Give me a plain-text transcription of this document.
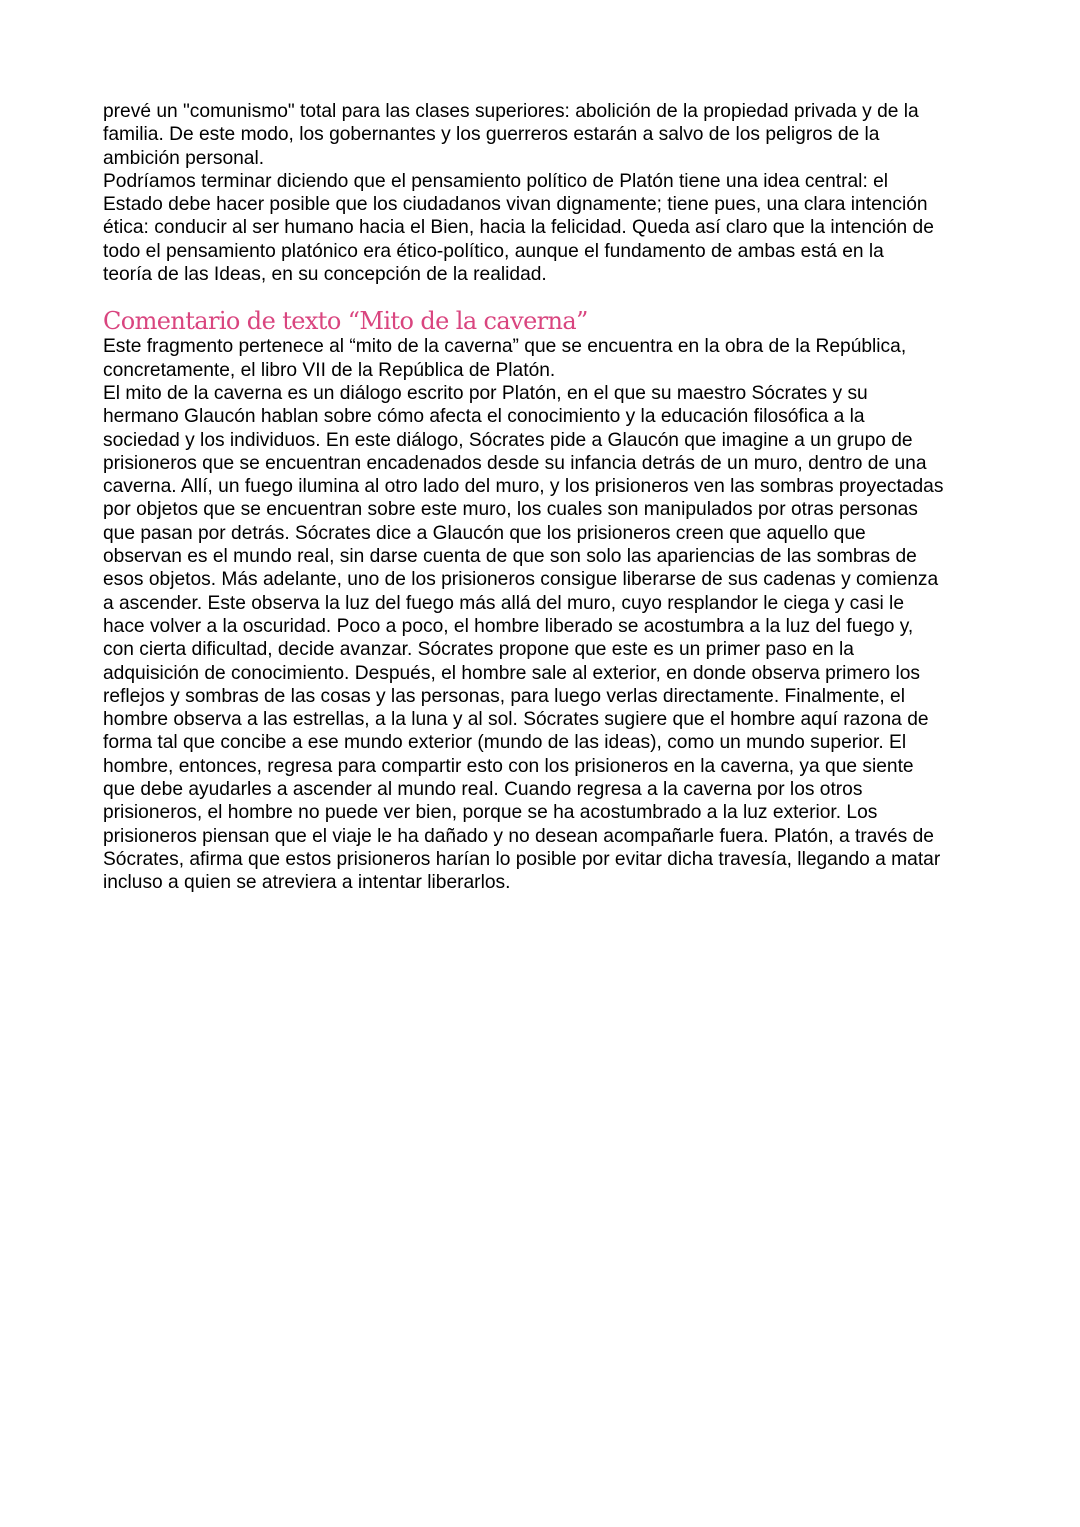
prevé un "comunismo" total para las clases superiores: abolición de la propiedad privada y de la
familia. De este modo, los gobernantes y los guerreros estarán a salvo de los peligros de la
ambición personal.

Podríamos terminar diciendo que el pensamiento político de Platón tiene una idea central: el
Estado debe hacer posible que los ciudadanos vivan dignamente; tiene pues, una clara intención
ética: conducir al ser humano hacia el Bien, hacia la felicidad. Queda así claro que la intención de
todo el pensamiento platónico era ético-político, aunque el fundamento de ambas está en la
teoría de las Ideas, en su concepción de la realidad.

Comentario de texto “Mito de la caverna”

Este fragmento pertenece al “mito de la caverna” que se encuentra en la obra de la República,
concretamente, el libro VII de la República de Platón.

El mito de la caverna es un diálogo escrito por Platón, en el que su maestro Sócrates y su
hermano Glaucón hablan sobre cómo afecta el conocimiento y la educación filosófica a la
sociedad y los individuos. En este diálogo, Sócrates pide a Glaucón que imagine a un grupo de
prisioneros que se encuentran encadenados desde su infancia detrás de un muro, dentro de una
caverna. Allí, un fuego ilumina al otro lado del muro, y los prisioneros ven las sombras proyectadas
por objetos que se encuentran sobre este muro, los cuales son manipulados por otras personas
que pasan por detrás. Sócrates dice a Glaucón que los prisioneros creen que aquello que
observan es el mundo real, sin darse cuenta de que son solo las apariencias de las sombras de
esos objetos. Más adelante, uno de los prisioneros consigue liberarse de sus cadenas y comienza
a ascender. Este observa la luz del fuego más allá del muro, cuyo resplandor le ciega y casi le
hace volver a la oscuridad. Poco a poco, el hombre liberado se acostumbra a la luz del fuego y,
con cierta dificultad, decide avanzar. Sócrates propone que este es un primer paso en la
adquisición de conocimiento. Después, el hombre sale al exterior, en donde observa primero los
reflejos y sombras de las cosas y las personas, para luego verlas directamente. Finalmente, el
hombre observa a las estrellas, a la luna y al sol. Sócrates sugiere que el hombre aquí razona de
forma tal que concibe a ese mundo exterior (mundo de las ideas), como un mundo superior. El
hombre, entonces, regresa para compartir esto con los prisioneros en la caverna, ya que siente
que debe ayudarles a ascender al mundo real. Cuando regresa a la caverna por los otros
prisioneros, el hombre no puede ver bien, porque se ha acostumbrado a la luz exterior. Los
prisioneros piensan que el viaje le ha dañado y no desean acompañarle fuera. Platón, a través de
Sócrates, afirma que estos prisioneros harían lo posible por evitar dicha travesía, llegando a matar
incluso a quien se atreviera a intentar liberarlos.
